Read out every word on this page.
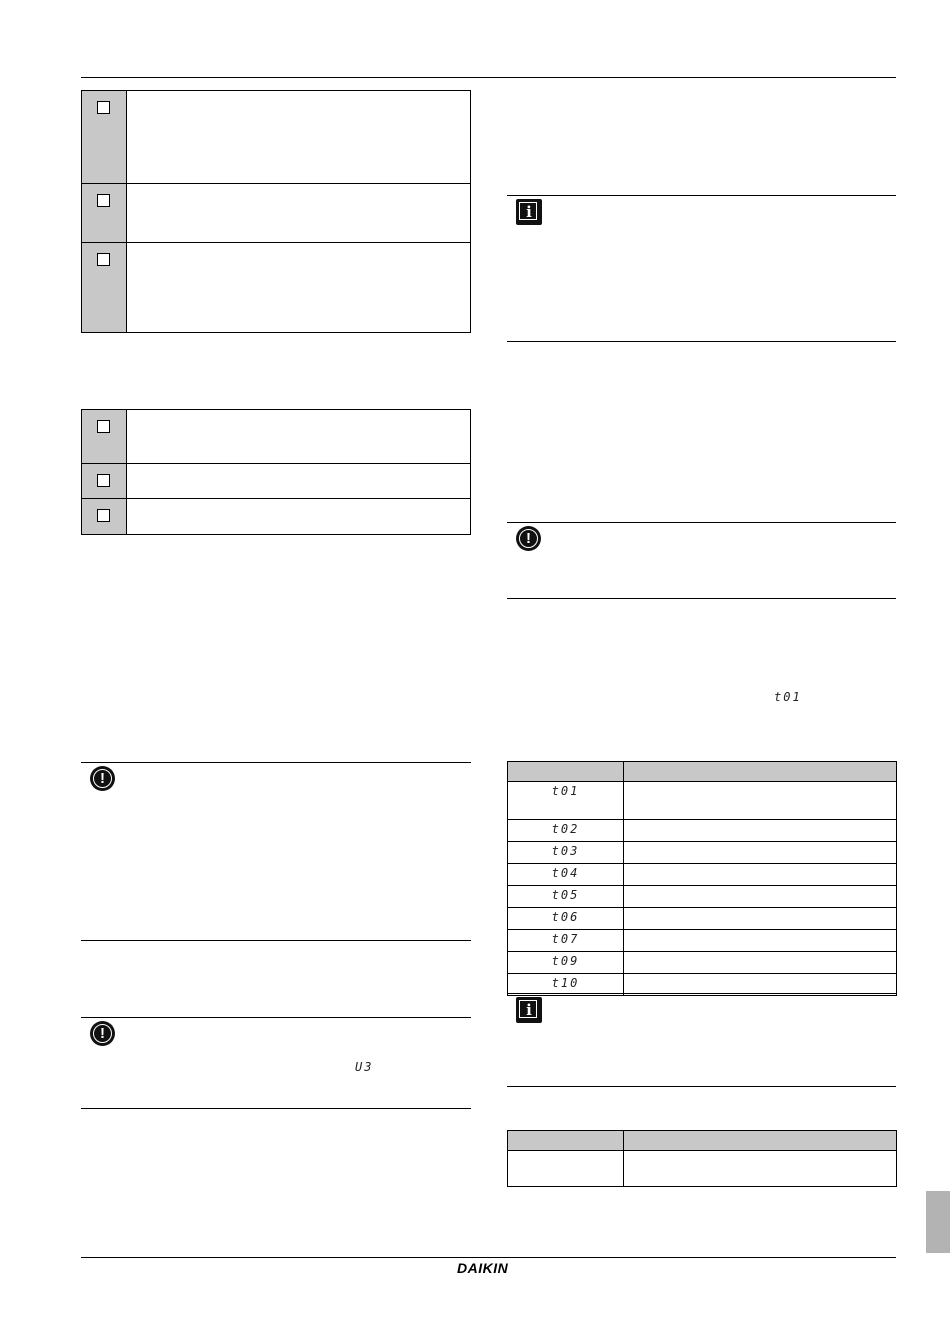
!
!
U3
i
!
t01

t01	
t02	
t03	
t04	
t05	
t06	
t07	
t09	
t10	
i

DAIKIN
